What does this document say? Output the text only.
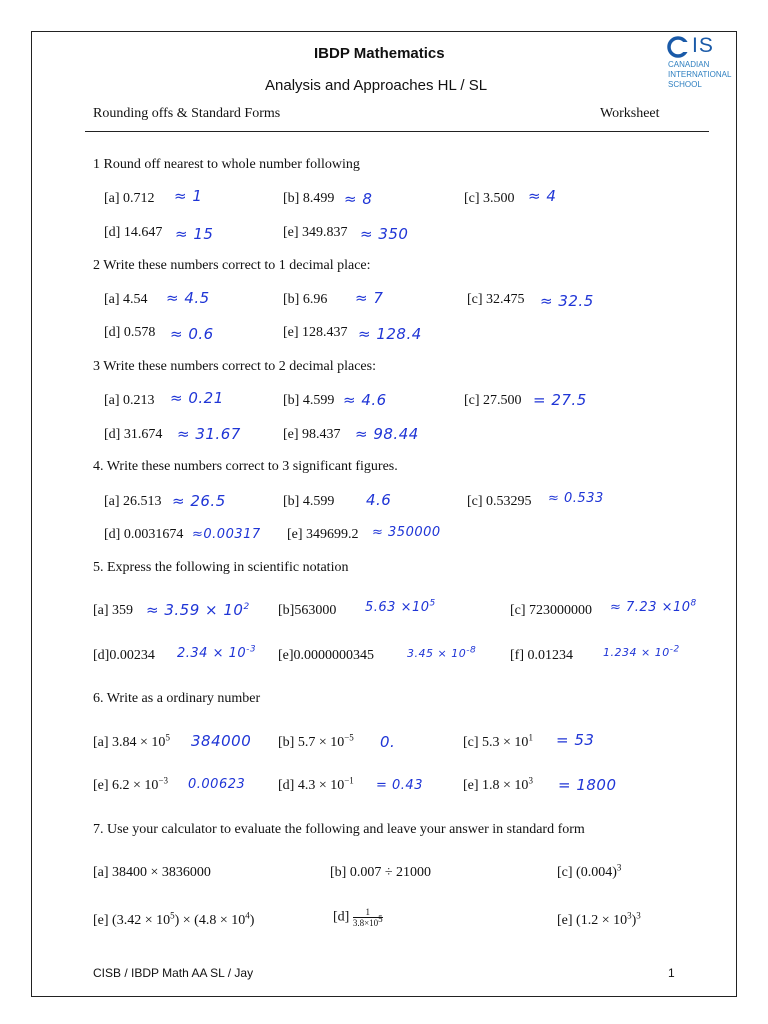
IBDP Mathematics
Analysis and Approaches HL / SL
Rounding offs & Standard Forms	Worksheet
IS
CANADIAN
INTERNATIONAL
SCHOOL
1 Round off nearest to whole number following
[a] 0.712 ≈ 1	[b] 8.499 ≈ 8	[c] 3.500 ≈ 4
[d] 14.647 ≈ 15	[e] 349.837 ≈ 350
2 Write these numbers correct to 1 decimal place:
[a] 4.54 ≈ 4.5	[b] 6.96 ≈ 7	[c] 32.475 ≈ 32.5
[d] 0.578 ≈ 0.6	[e] 128.437 ≈ 128.4
3 Write these numbers correct to 2 decimal places:
[a] 0.213 ≈ 0.21	[b] 4.599 ≈ 4.6	[c] 27.500 = 27.5
[d] 31.674 ≈ 31.67	[e] 98.437 ≈ 98.44
4. Write these numbers correct to 3 significant figures.
[a] 26.513 ≈ 26.5	[b] 4.599 4.6	[c] 0.53295 ≈ 0.533
[d] 0.0031674 ≈0.00317 [e] 349699.2 ≈ 350000
5. Express the following in scientific notation
[a] $359 \approx 3.59 \times 10^2$ [b]563000 $5.63 \times 10^5$	[c] $723000000 \approx 7.23 \times 10^8$
[d]0.00234 $2.34 \times 10^{-3}$ [e]0.0000000345	$3.45 \times 10^{-8}$ [f] 0.01234	$1.234 \times 10^{-2}$
6. Write as a ordinary number
[a] $3.84 \times 10^5$ 384000 [b] $5.7 \times 10^{-5}$ 0.	[c] $5.3 \times 10^1 = 53$
[e] $6.2 \times 10^{-3}$ 0.00623 [d] $4.3 \times 10^{-1} = 0.43$	[e] $1.8 \times 10^3 = 1800$
7. Use your calculator to evaluate the following and leave your answer in standard form
[a] 38400 × 3836000	[b] 0.007 ÷ 21000	[c] $(0.004)^3$
[e] $(3.42 \times 10^5) \times (4.8 \times 10^4)$	$[d] \frac{1}{3.8\times 10^5}$	[e] $(1.2 \times 10^3)^3$
CISB / IBDP Math AA SL / Jay	1
